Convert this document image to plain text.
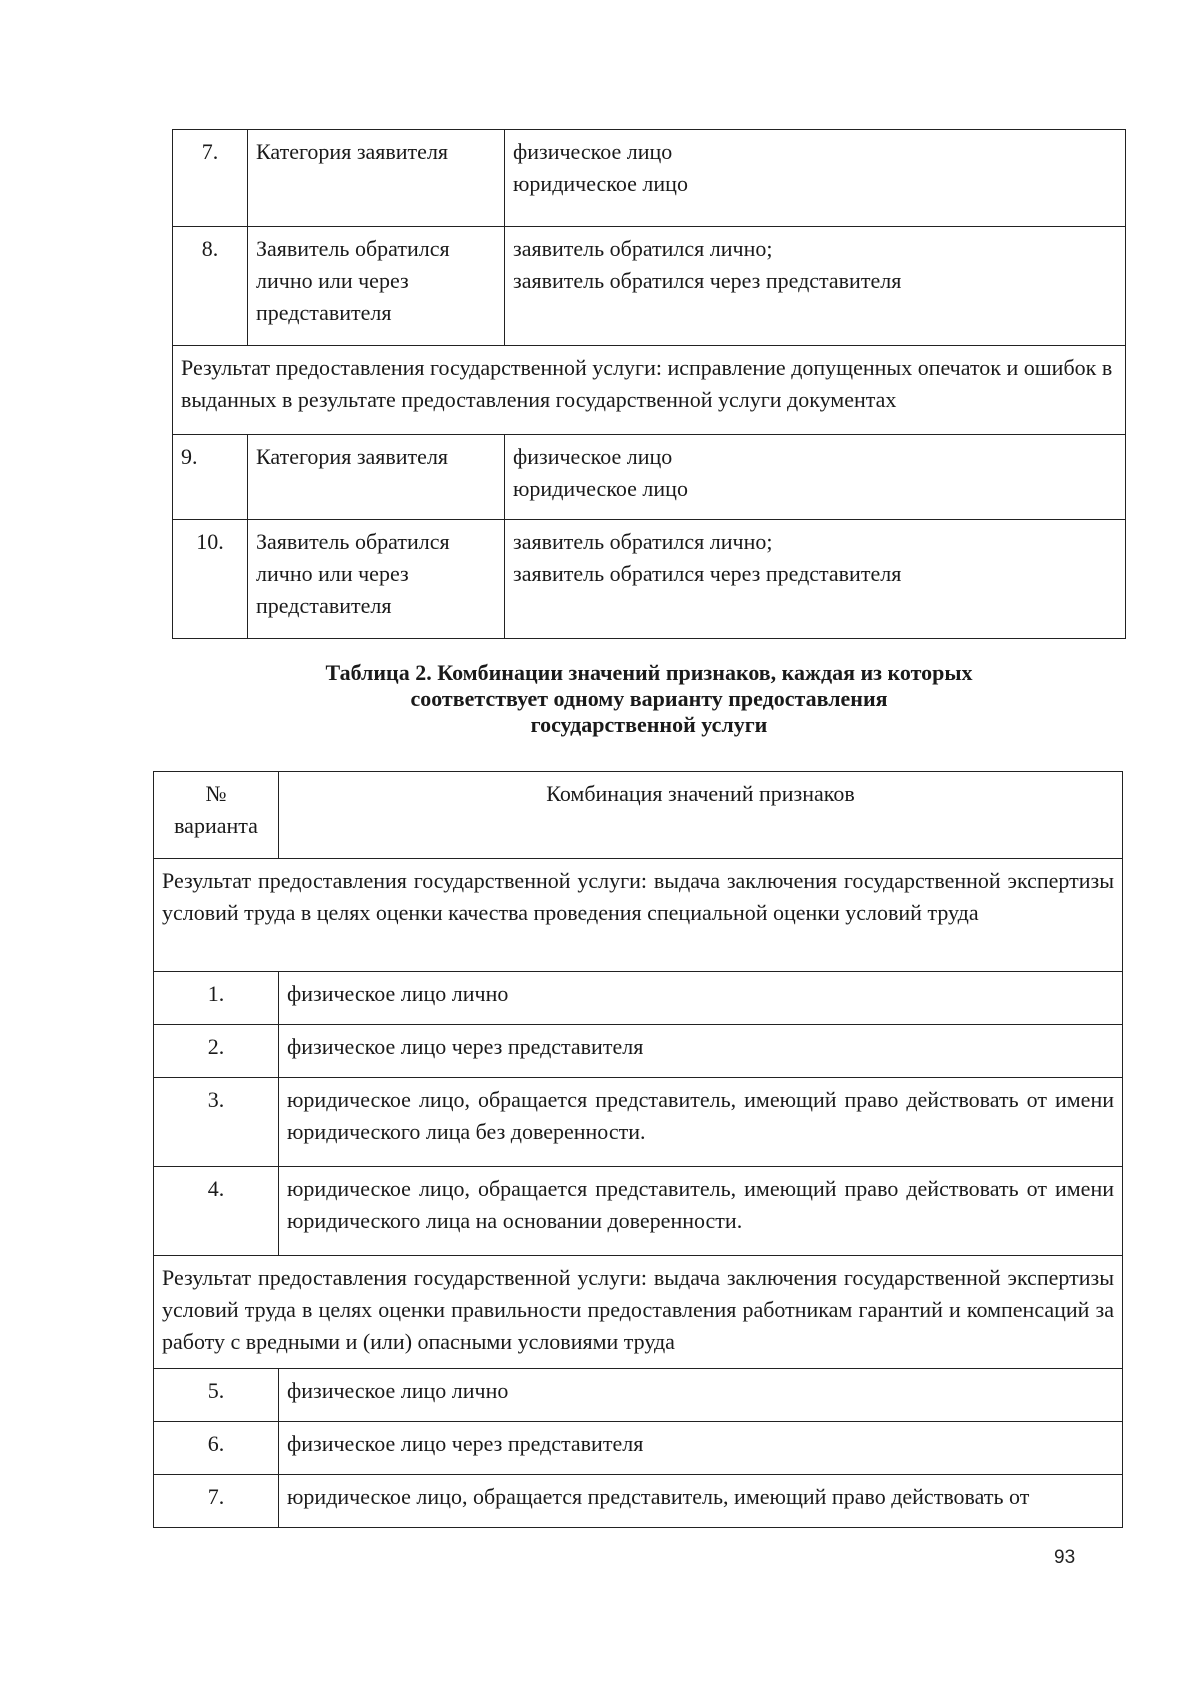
7.	Категория заявителя	физическое лицо
юридическое лицо
8.	Заявитель обратился
лично или через
представителя	заявитель обратился лично;
заявитель обратился через представителя
Результат предоставления государственной услуги: исправление допущенных опечаток и ошибок в выданных в результате предоставления государственной услуги документах		
9.	Категория заявителя	физическое лицо
юридическое лицо
10.	Заявитель обратился
лично или через
представителя	заявитель обратился лично;
заявитель обратился через представителя
Таблица 2. Комбинации значений признаков, каждая из которых
соответствует одному варианту предоставления
государственной услуги
№
варианта	Комбинация значений признаков
Результат предоставления государственной услуги: выдача заключения государственной экспертизы условий труда в целях оценки качества проведения специальной оценки условий труда	
1.	физическое лицо лично
2.	физическое лицо через представителя
3.	юридическое лицо, обращается представитель, имеющий право действовать от имени юридического лица без доверенности.
4.	юридическое лицо, обращается представитель, имеющий право действовать от имени юридического лица на основании доверенности.
Результат предоставления государственной услуги: выдача заключения государственной экспертизы условий труда в целях оценки правильности предоставления работникам гарантий и компенсаций за работу с вредными и (или) опасными условиями труда	
5.	физическое лицо лично
6.	физическое лицо через представителя
7.	юридическое лицо, обращается представитель, имеющий право действовать от
93
